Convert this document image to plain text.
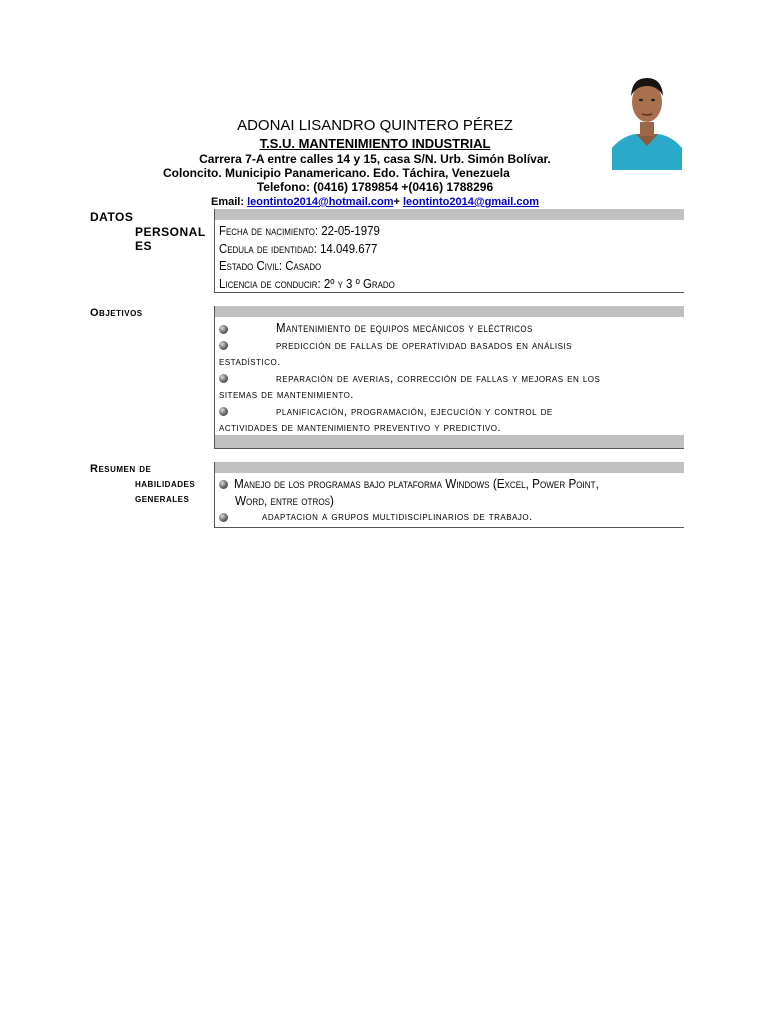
ADONAI LISANDRO QUINTERO PÉREZ
T.S.U. MANTENIMIENTO INDUSTRIAL
Carrera 7-A entre calles 14 y 15, casa S/N. Urb. Simón Bolívar.
Coloncito. Municipio Panamericano. Edo. Táchira, Venezuela
Telefono: (0416) 1789854 +(0416) 1788296
Email: leontinto2014@hotmail.com+ leontinto2014@gmail.com
DATOS
PERSONAL
ES
Fecha de nacimiento: 22-05-1979
Cedula de identidad: 14.049.677
Estado Civil: Casado
Licencia de conducir: 2º y 3 º Grado
Objetivos
Mantenimiento de equipos mecánicos y eléctricos
predicción de fallas de operatividad basados en análisis
estadístico.
reparación de averias, corrección de fallas y mejoras en los
sitemas de mantenimiento.
planificación, programación, ejecución y control de
actividades de mantenimiento preventivo y predictivo.
Resumen de
habilidades
generales
Manejo de los programas bajo plataforma Windows (Excel, Power Point,
Word, entre otros)
adaptacion a grupos multidisciplinarios de trabajo.
